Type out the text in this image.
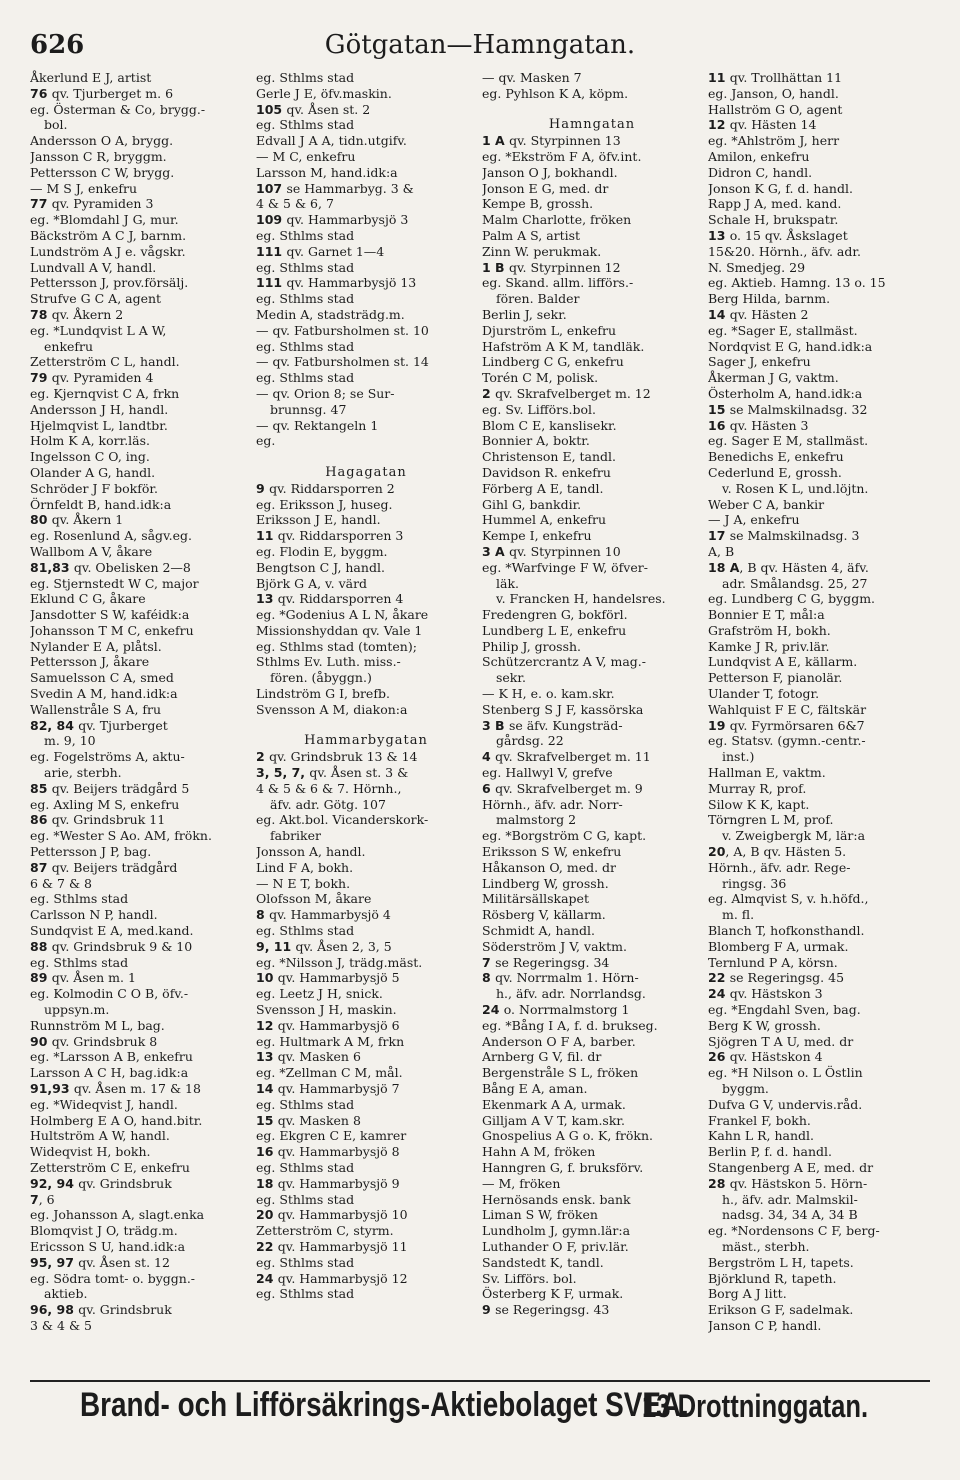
Götgatan—Hamngatan.
626
Åkerlund E J, artist
76 qv. Tjurberget m. 6
eg. Österman & Co, brygg.-
bol.
Andersson O A, brygg.
Jansson C R, bryggm.
Pettersson C W, brygg.
— M S J, enkefru
77 qv. Pyramiden 3
eg. *Blomdahl J G, mur.
Bäckström A C J, barnm.
Lundström A J e. vågskr.
Lundvall A V, handl.
Pettersson J, prov.försälj.
Strufve G C A, agent
78 qv. Åkern 2
eg. *Lundqvist L A W,
enkefru
Zetterström C L, handl.
79 qv. Pyramiden 4
eg. Kjernqvist C A, frkn
Andersson J H, handl.
Hjelmqvist L, landtbr.
Holm K A, korr.läs.
Ingelsson C O, ing.
Olander A G, handl.
Schröder J F bokför.
Örnfeldt B, hand.idk:a
80 qv. Åkern 1
eg. Rosenlund A, sågv.eg.
Wallbom A V, åkare
81,83 qv. Obelisken 2—8
eg. Stjernstedt W C, major
Eklund C G, åkare
Jansdotter S W, kaféidk:a
Johansson T M C, enkefru
Nylander E A, plåtsl.
Pettersson J, åkare
Samuelsson C A, smed
Svedin A M, hand.idk:a
Wallenstråle S A, fru
82, 84 qv. Tjurberget
m. 9, 10
eg. Fogelströms A, aktu-
arie, sterbh.
85 qv. Beijers trädgård 5
eg. Axling M S, enkefru
86 qv. Grindsbruk 11
eg. *Wester S Ao. AM, frökn.
Pettersson J P, bag.
87 qv. Beijers trädgård
6 & 7 & 8
eg. Sthlms stad
Carlsson N P, handl.
Sundqvist E A, med.kand.
88 qv. Grindsbruk 9 & 10
eg. Sthlms stad
89 qv. Åsen m. 1
eg. Kolmodin C O B, öfv.-
uppsyn.m.
Runnström M L, bag.
90 qv. Grindsbruk 8
eg. *Larsson A B, enkefru
Larsson A C H, bag.idk:a
91,93 qv. Åsen m. 17 & 18
eg. *Wideqvist J, handl.
Holmberg E A O, hand.bitr.
Hultström A W, handl.
Wideqvist H, bokh.
Zetterström C E, enkefru
92, 94 qv. Grindsbruk
7, 6
eg. Johansson A, slagt.enka
Blomqvist J O, trädg.m.
Ericsson S U, hand.idk:a
95, 97 qv. Åsen st. 12
eg. Södra tomt- o. byggn.-
aktieb.
96, 98 qv. Grindsbruk
3 & 4 & 5
eg. Sthlms stad
Gerle J E, öfv.maskin.
105 qv. Åsen st. 2
eg. Sthlms stad
Edvall J A A, tidn.utgifv.
— M C, enkefru
Larsson M, hand.idk:a
107 se Hammarbyg. 3 &
4 & 5 & 6, 7
109 qv. Hammarbysjö 3
eg. Sthlms stad
111 qv. Garnet 1—4
eg. Sthlms stad
111 qv. Hammarbysjö 13
eg. Sthlms stad
Medin A, stadsträdg.m.
— qv. Fatbursholmen st. 10
eg. Sthlms stad
— qv. Fatbursholmen st. 14
eg. Sthlms stad
— qv. Orion 8; se Sur-
brunnsg. 47
— qv. Rektangeln 1
eg.
Hagagatan
9 qv. Riddarsporren 2
eg. Eriksson J, huseg.
Eriksson J E, handl.
11 qv. Riddarsporren 3
eg. Flodin E, byggm.
Bengtson C J, handl.
Björk G A, v. värd
13 qv. Riddarsporren 4
eg. *Godenius A L N, åkare
Missionshyddan qv. Vale 1
eg. Sthlms stad (tomten);
Sthlms Ev. Luth. miss.-
fören. (åbyggn.)
Lindström G I, brefb.
Svensson A M, diakon:a
Hammarbygatan
2 qv. Grindsbruk 13 & 14
3, 5, 7, qv. Åsen st. 3 &
4 & 5 & 6 & 7. Hörnh.,
äfv. adr. Götg. 107
eg. Akt.bol. Vicanderskork-
fabriker
Jonsson A, handl.
Lind F A, bokh.
— N E T, bokh.
Olofsson M, åkare
8 qv. Hammarbysjö 4
eg. Sthlms stad
9, 11 qv. Åsen 2, 3, 5
eg. *Nilsson J, trädg.mäst.
10 qv. Hammarbysjö 5
eg. Leetz J H, snick.
Svensson J H, maskin.
12 qv. Hammarbysjö 6
eg. Hultmark A M, frkn
13 qv. Masken 6
eg. *Zellman C M, mål.
14 qv. Hammarbysjö 7
eg. Sthlms stad
15 qv. Masken 8
eg. Ekgren C E, kamrer
16 qv. Hammarbysjö 8
eg. Sthlms stad
18 qv. Hammarbysjö 9
eg. Sthlms stad
20 qv. Hammarbysjö 10
Zetterström C, styrm.
22 qv. Hammarbysjö 11
eg. Sthlms stad
24 qv. Hammarbysjö 12
eg. Sthlms stad
— qv. Masken 7
eg. Pyhlson K A, köpm.
Hamngatan
1 A qv. Styrpinnen 13
eg. *Ekström F A, öfv.int.
Janson O J, bokhandl.
Jonson E G, med. dr
Kempe B, grossh.
Malm Charlotte, fröken
Palm A S, artist
Zinn W. perukmak.
1 B qv. Styrpinnen 12
eg. Skand. allm. lifförs.-
fören. Balder
Berlin J, sekr.
Djurström L, enkefru
Hafström A K M, tandläk.
Lindberg C G, enkefru
Torén C M, polisk.
2 qv. Skrafvelberget m. 12
eg. Sv. Lifförs.bol.
Blom C E, kanslisekr.
Bonnier A, boktr.
Christenson E, tandl.
Davidson R. enkefru
Förberg A E, tandl.
Gihl G, bankdir.
Hummel A, enkefru
Kempe I, enkefru
3 A qv. Styrpinnen 10
eg. *Warfvinge F W, öfver-
läk.
v. Francken H, handelsres.
Fredengren G, bokförl.
Lundberg L E, enkefru
Philip J, grossh.
Schützercrantz A V, mag.-
sekr.
— K H, e. o. kam.skr.
Stenberg S J F, kassörska
3 B se äfv. Kungsträd-
gårdsg. 22
4 qv. Skrafvelberget m. 11
eg. Hallwyl V, grefve
6 qv. Skrafvelberget m. 9
Hörnh., äfv. adr. Norr-
malmstorg 2
eg. *Borgström C G, kapt.
Eriksson S W, enkefru
Håkanson O, med. dr
Lindberg W, grossh.
Militärsällskapet
Rösberg V, källarm.
Schmidt A, handl.
Söderström J V, vaktm.
7 se Regeringsg. 34
8 qv. Norrmalm 1. Hörn-
h., äfv. adr. Norrlandsg.
24 o. Norrmalmstorg 1
eg. *Bång I A, f. d. brukseg.
Anderson O F A, barber.
Arnberg G V, fil. dr
Bergenstråle S L, fröken
Bång E A, aman.
Ekenmark A A, urmak.
Gilljam A V T, kam.skr.
Gnospelius A G o. K, frökn.
Hahn A M, fröken
Hanngren G, f. bruksförv.
— M, fröken
Hernösands ensk. bank
Liman S W, fröken
Lundholm J, gymn.lär:a
Luthander O F, priv.lär.
Sandstedt K, tandl.
Sv. Lifförs. bol.
Österberg K F, urmak.
9 se Regeringsg. 43
11 qv. Trollhättan 11
eg. Janson, O, handl.
Hallström G O, agent
12 qv. Hästen 14
eg. *Ahlström J, herr
Amilon, enkefru
Didron C, handl.
Jonson K G, f. d. handl.
Rapp J A, med. kand.
Schale H, brukspatr.
13 o. 15 qv. Åskslaget
15&20. Hörnh., äfv. adr.
N. Smedjeg. 29
eg. Aktieb. Hamng. 13 o. 15
Berg Hilda, barnm.
14 qv. Hästen 2
eg. *Sager E, stallmäst.
Nordqvist E G, hand.idk:a
Sager J, enkefru
Åkerman J G, vaktm.
Österholm A, hand.idk:a
15 se Malmskilnadsg. 32
16 qv. Hästen 3
eg. Sager E M, stallmäst.
Benedichs E, enkefru
Cederlund E, grossh.
v. Rosen K L, und.löjtn.
Weber C A, bankir
— J A, enkefru
17 se Malmskilnadsg. 3
A, B
18 A, B qv. Hästen 4, äfv.
adr. Smålandsg. 25, 27
eg. Lundberg C G, byggm.
Bonnier E T, mål:a
Grafström H, bokh.
Kamke J R, priv.lär.
Lundqvist A E, källarm.
Petterson F, pianolär.
Ulander T, fotogr.
Wahlquist F E C, fältskär
19 qv. Fyrmörsaren 6&7
eg. Statsv. (gymn.-centr.-
inst.)
Hallman E, vaktm.
Murray R, prof.
Silow K K, kapt.
Törngren L M, prof.
v. Zweigbergk M, lär:a
20, A, B qv. Hästen 5.
Hörnh., äfv. adr. Rege-
ringsg. 36
eg. Almqvist S, v. h.höfd.,
m. fl.
Blanch T, hofkonsthandl.
Blomberg F A, urmak.
Ternlund P A, körsn.
22 se Regeringsg. 45
24 qv. Hästskon 3
eg. *Engdahl Sven, bag.
Berg K W, grossh.
Sjögren T A U, med. dr
26 qv. Hästskon 4
eg. *H Nilson o. L Östlin
byggm.
Dufva G V, undervis.råd.
Frankel F, bokh.
Kahn L R, handl.
Berlin P, f. d. handl.
Stangenberg A E, med. dr
28 qv. Hästskon 5. Hörn-
h., äfv. adr. Malmskil-
nadsg. 34, 34 A, 34 B
eg. *Nordensons C F, berg-
mäst., sterbh.
Bergström L H, tapets.
Björklund R, tapeth.
Borg A J litt.
Erikson G F, sadelmak.
Janson C P, handl.
Brand- och Lifförsäkrings-Aktiebolaget SVEA.
13 Drottninggatan.
